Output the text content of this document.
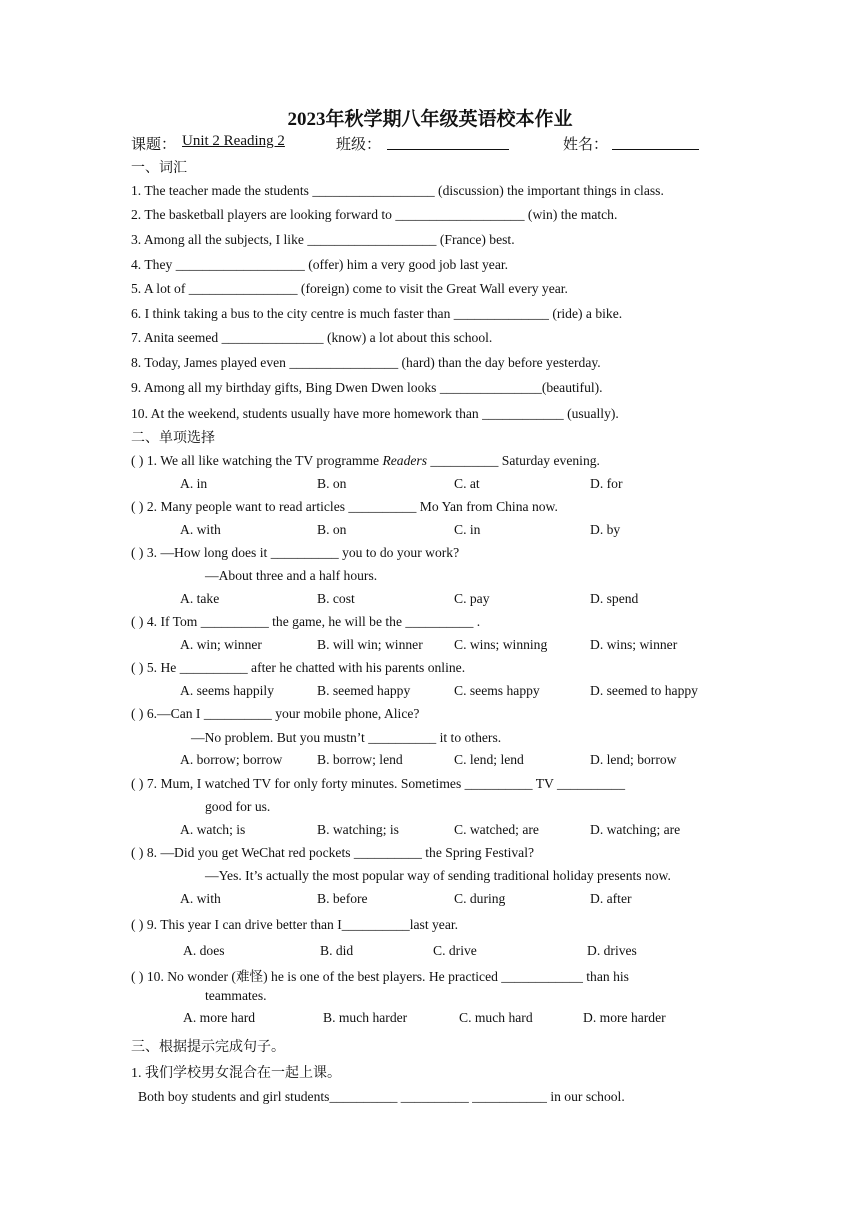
2023年秋学期八年级英语校本作业
课题： Unit 2 Reading 2	班级：	姓名：
一、词汇
1. The teacher made the students __________________ (discussion) the important things in class.
2. The basketball players are looking forward to ___________________ (win) the match.
3. Among all the subjects, I like ___________________ (France) best.
4. They ___________________ (offer) him a very good job last year.
5. A lot of ________________ (foreign) come to visit the Great Wall every year.
6. I think taking a bus to the city centre is much faster than ______________ (ride) a bike.
7. Anita seemed _______________ (know) a lot about this school.
8. Today, James played even ________________ (hard) than the day before yesterday.
9. Among all my birthday gifts, Bing Dwen Dwen looks _______________(beautiful).
10. At the weekend, students usually have more homework than ____________ (usually).
二、单项选择
( ) 1. We all like watching the TV programme Readers __________ Saturday evening.
A. in	B. on	C. at	D. for
( ) 2. Many people want to read articles __________ Mo Yan from China now.
A. with	B. on	C. in	D. by
( ) 3. —How long does it __________ you to do your work?
—About three and a half hours.
A. take	B. cost	C. pay	D. spend
( ) 4. If Tom __________ the game, he will be the __________ .
A. win; winner	B. will win; winner C. wins; winning	D. wins; winner
( ) 5. He __________ after he chatted with his parents online.
A. seems happily	B. seemed happy	C. seems happy	D. seemed to happy
( ) 6.—Can I __________ your mobile phone, Alice?
—No problem. But you mustn’t __________ it to others.
A. borrow; borrow	B. borrow; lend	C. lend; lend	D. lend; borrow
( ) 7. Mum, I watched TV for only forty minutes. Sometimes __________ TV __________
good for us.
A. watch; is	B. watching; is	C. watched; are	D. watching; are
( ) 8. —Did you get WeChat red pockets __________ the Spring Festival?
—Yes. It’s actually the most popular way of sending traditional holiday presents now.
A. with	B. before	C. during	D. after
( ) 9. This year I can drive better than I__________last year.
A. does	B. did	C. drive	D. drives
( ) 10. No wonder (难怪) he is one of the best players. He practiced ____________ than his
teammates.
A. more hard	B. much harder	C. much hard	D. more harder
三、根据提示完成句子。
1. 我们学校男女混合在一起上课。
Both boy students and girl students__________ __________ ___________ in our school.
